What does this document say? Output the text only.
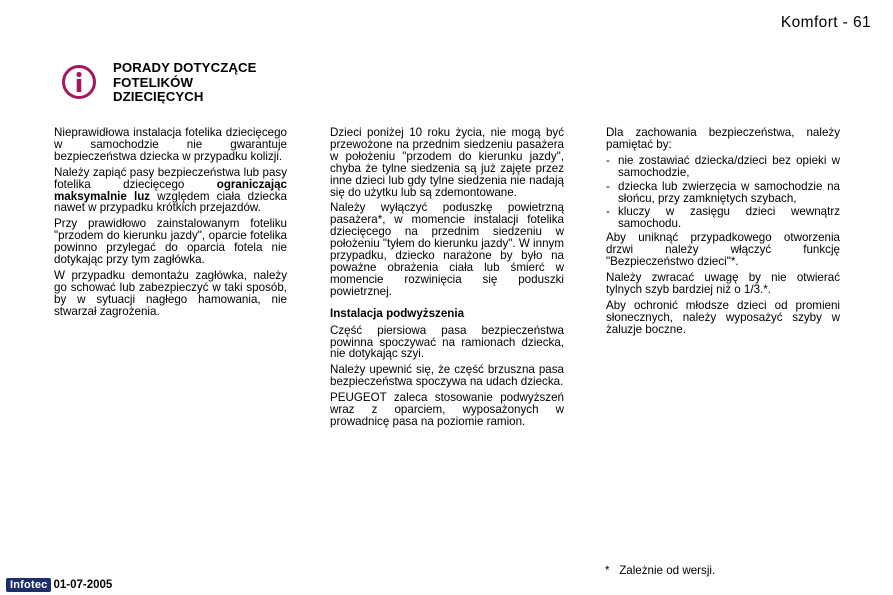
Komfort - 61
PORADY DOTYCZĄCE
FOTELIKÓW
DZIECIĘCYCH

Nieprawidłowa instalacja fotelika dziecięcego w samochodzie nie gwarantuje bezpieczeństwa dziecka w przypadku kolizji.

Należy zapiąć pasy bezpieczeństwa lub pasy fotelika dziecięcego ograniczając maksymalnie luz względem ciała dziecka nawet w przypadku krótkich przejazdów.

Przy prawidłowo zainstalowanym foteliku "przodem do kierunku jazdy", oparcie fotelika powinno przylegać do oparcia fotela nie dotykając przy tym zagłówka.

W przypadku demontażu zagłówka, należy go schować lub zabezpieczyć w taki sposób, by w sytuacji nagłego hamowania, nie stwarzał zagrożenia.

Dzieci poniżej 10 roku życia, nie mogą być przewożone na przednim siedzeniu pasażera w położeniu "przodem do kierunku jazdy", chyba że tylne siedzenia są już zajęte przez inne dzieci lub gdy tylne siedzenia nie nadają się do użytku lub są zdemontowane.

Należy wyłączyć poduszkę powietrzną pasażera*, w momencie instalacji fotelika dziecięcego na przednim siedzeniu w położeniu "tyłem do kierunku jazdy". W innym przypadku, dziecko narażone by było na poważne obrażenia ciała lub śmierć w momencie rozwinięcia się poduszki powietrznej.

Instalacja podwyższenia

Część piersiowa pasa bezpieczeństwa powinna spoczywać na ramionach dziecka, nie dotykając szyi.

Należy upewnić się, że część brzuszna pasa bezpieczeństwa spoczywa na udach dziecka.

PEUGEOT zaleca stosowanie podwyższeń wraz z oparciem, wyposażonych w prowadnicę pasa na poziomie ramion.

Dla zachowania bezpieczeństwa, należy pamiętać by:

- nie zostawiać dziecka/dzieci bez opieki w samochodzie,
- dziecka lub zwierzęcia w samochodzie na słońcu, przy zamkniętych szybach,
- kluczy w zasięgu dzieci wewnątrz samochodu.

Aby uniknąć przypadkowego otworzenia drzwi należy włączyć funkcję "Bezpieczeństwo dzieci"*.

Należy zwracać uwagę by nie otwierać tylnych szyb bardziej niż o 1/3.*.

Aby ochronić młodsze dzieci od promieni słonecznych, należy wyposażyć szyby w żaluzje boczne.

* Zależnie od wersji.
Infotec 01-07-2005
